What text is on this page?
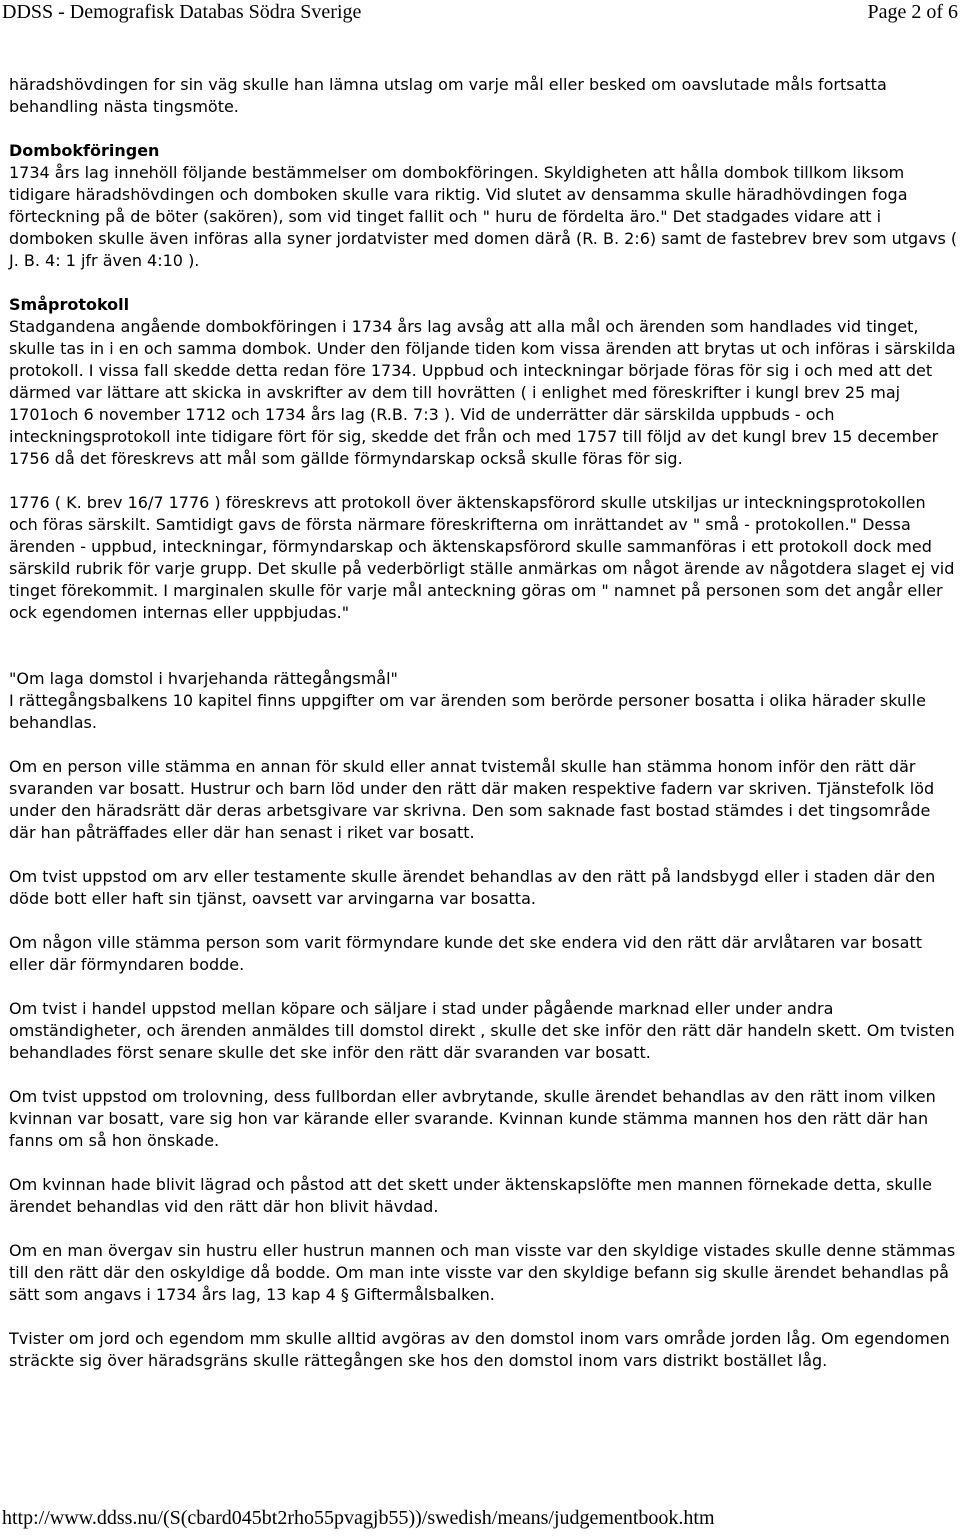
DDSS - Demografisk Databas Södra Sverige	Page 2 of 6

häradshövdingen for sin väg skulle han lämna utslag om varje mål eller besked om oavslutade måls fortsatta behandling nästa tingsmöte.

Dombokföringen
1734 års lag innehöll följande bestämmelser om dombokföringen. Skyldigheten att hålla dombok tillkom liksom tidigare häradshövdingen och domboken skulle vara riktig. Vid slutet av densamma skulle häradhövdingen foga förteckning på de böter (sakören), som vid tinget fallit och " huru de fördelta äro." Det stadgades vidare att i domboken skulle även införas alla syner jordatvister med domen därå (R. B. 2:6) samt de fastebrev brev som utgavs ( J. B. 4: 1 jfr även 4:10 ).

Småprotokoll
Stadgandena angående dombokföringen i 1734 års lag avsåg att alla mål och ärenden som handlades vid tinget, skulle tas in i en och samma dombok. Under den följande tiden kom vissa ärenden att brytas ut och införas i särskilda protokoll. I vissa fall skedde detta redan före 1734. Uppbud och inteckningar började föras för sig i och med att det därmed var lättare att skicka in avskrifter av dem till hovrätten ( i enlighet med föreskrifter i kungl brev 25 maj 1701och 6 november 1712 och 1734 års lag (R.B. 7:3 ). Vid de underrätter där särskilda uppbuds - och inteckningsprotokoll inte tidigare fört för sig, skedde det från och med 1757 till följd av det kungl brev 15 december 1756 då det föreskrevs att mål som gällde förmyndarskap också skulle föras för sig.

1776 ( K. brev 16/7 1776 ) föreskrevs att protokoll över äktenskapsförord skulle utskiljas ur inteckningsprotokollen och föras särskilt. Samtidigt gavs de första närmare föreskrifterna om inrättandet av " små - protokollen." Dessa ärenden - uppbud, inteckningar, förmyndarskap och äktenskapsförord skulle sammanföras i ett protokoll dock med särskild rubrik för varje grupp. Det skulle på vederbörligt ställe anmärkas om något ärende av någotdera slaget ej vid tinget förekommit. I marginalen skulle för varje mål anteckning göras om " namnet på personen som det angår eller ock egendomen internas eller uppbjudas."

"Om laga domstol i hvarjehanda rättegångsmål"
I rättegångsbalkens 10 kapitel finns uppgifter om var ärenden som berörde personer bosatta i olika härader skulle behandlas.

Om en person ville stämma en annan för skuld eller annat tvistemål skulle han stämma honom inför den rätt där svaranden var bosatt. Hustrur och barn löd under den rätt där maken respektive fadern var skriven. Tjänstefolk löd under den häradsrätt där deras arbetsgivare var skrivna. Den som saknade fast bostad stämdes i det tingsområde där han påträffades eller där han senast i riket var bosatt.

Om tvist uppstod om arv eller testamente skulle ärendet behandlas av den rätt på landsbygd eller i staden där den döde bott eller haft sin tjänst, oavsett var arvingarna var bosatta.

Om någon ville stämma person som varit förmyndare kunde det ske endera vid den rätt där arvlåtaren var bosatt eller där förmyndaren bodde.

Om tvist i handel uppstod mellan köpare och säljare i stad under pågående marknad eller under andra omständigheter, och ärenden anmäldes till domstol direkt , skulle det ske inför den rätt där handeln skett. Om tvisten behandlades först senare skulle det ske inför den rätt där svaranden var bosatt.

Om tvist uppstod om trolovning, dess fullbordan eller avbrytande, skulle ärendet behandlas av den rätt inom vilken kvinnan var bosatt, vare sig hon var kärande eller svarande. Kvinnan kunde stämma mannen hos den rätt där han fanns om så hon önskade.

Om kvinnan hade blivit lägrad och påstod att det skett under äktenskapslöfte men mannen förnekade detta, skulle ärendet behandlas vid den rätt där hon blivit hävdad.

Om en man övergav sin hustru eller hustrun mannen och man visste var den skyldige vistades skulle denne stämmas till den rätt där den oskyldige då bodde. Om man inte visste var den skyldige befann sig skulle ärendet behandlas på sätt som angavs i 1734 års lag, 13 kap 4 § Giftermålsbalken.

Tvister om jord och egendom mm skulle alltid avgöras av den domstol inom vars område jorden låg. Om egendomen sträckte sig över häradsgräns skulle rättegången ske hos den domstol inom vars distrikt bostället låg.

http://www.ddss.nu/(S(cbard045bt2rho55pvagjb55))/swedish/means/judgementbook.htm
